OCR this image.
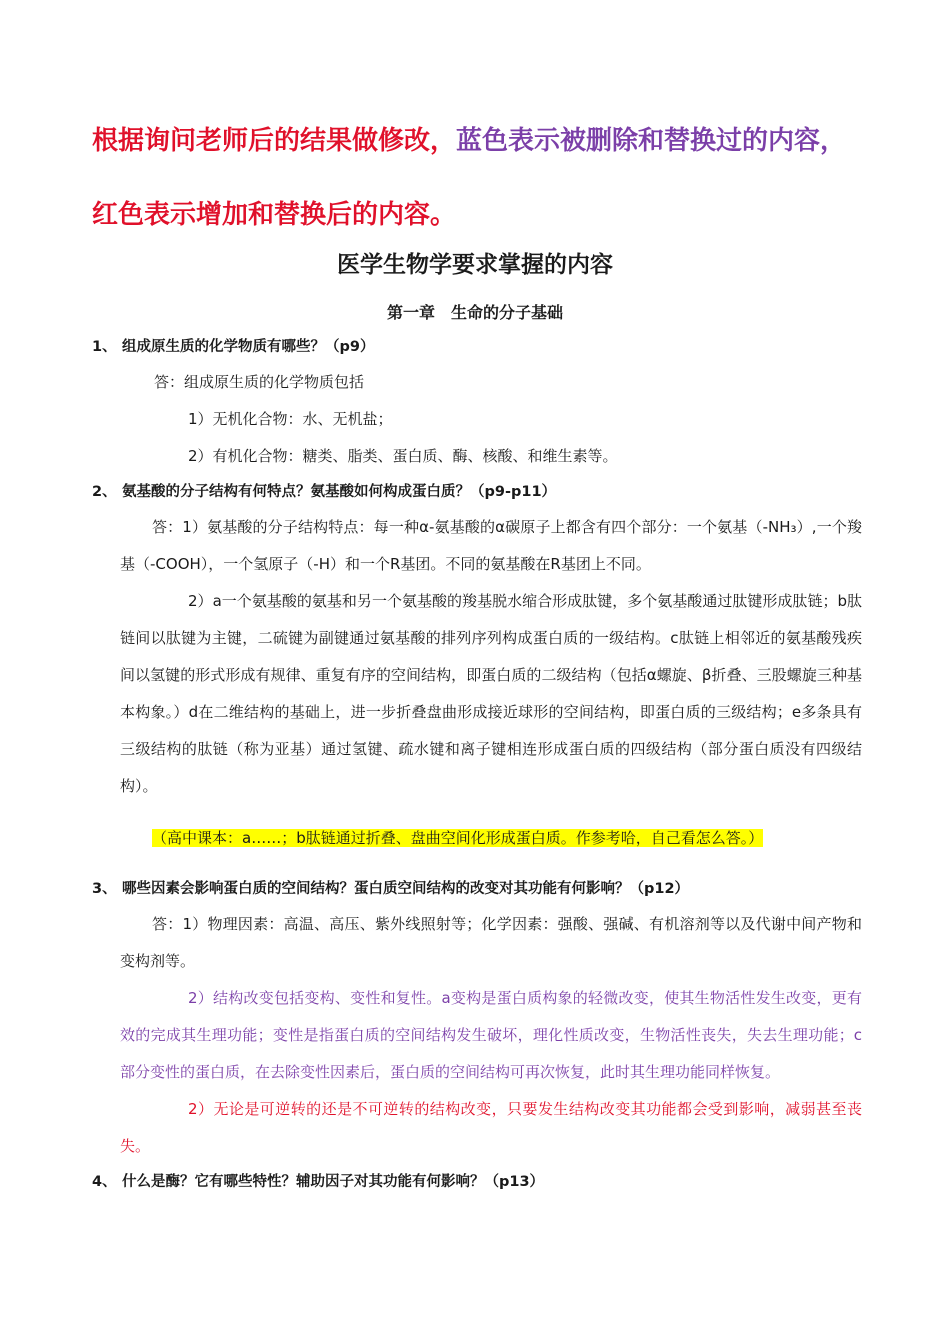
根据询问老师后的结果做修改，蓝色表示被删除和替换过的内容，红色表示增加和替换后的内容。
医学生物学要求掌握的内容
第一章　生命的分子基础
1、 组成原生质的化学物质有哪些？（p9）

答：组成原生质的化学物质包括

1）无机化合物：水、无机盐；

2）有机化合物：糖类、脂类、蛋白质、酶、核酸、和维生素等。

2、 氨基酸的分子结构有何特点？氨基酸如何构成蛋白质？（p9-p11）

答：1）氨基酸的分子结构特点：每一种α-氨基酸的α碳原子上都含有四个部分：一个氨基（-NH₃）,一个羧基（-COOH），一个氢原子（-H）和一个R基团。不同的氨基酸在R基团上不同。

2）a一个氨基酸的氨基和另一个氨基酸的羧基脱水缩合形成肽键，多个氨基酸通过肽键形成肽链；b肽链间以肽键为主键，二硫键为副键通过氨基酸的排列序列构成蛋白质的一级结构。c肽链上相邻近的氨基酸残疾间以氢键的形式形成有规律、重复有序的空间结构，即蛋白质的二级结构（包括α螺旋、β折叠、三股螺旋三种基本构象。）d在二维结构的基础上，进一步折叠盘曲形成接近球形的空间结构，即蛋白质的三级结构；e多条具有三级结构的肽链（称为亚基）通过氢键、疏水键和离子键相连形成蛋白质的四级结构（部分蛋白质没有四级结构）。

（高中课本：a……；b肽链通过折叠、盘曲空间化形成蛋白质。作参考哈，自己看怎么答。）

3、 哪些因素会影响蛋白质的空间结构？蛋白质空间结构的改变对其功能有何影响？（p12）

答：1）物理因素：高温、高压、紫外线照射等；化学因素：强酸、强碱、有机溶剂等以及代谢中间产物和变构剂等。

2）结构改变包括变构、变性和复性。a变构是蛋白质构象的轻微改变，使其生物活性发生改变，更有效的完成其生理功能；变性是指蛋白质的空间结构发生破坏，理化性质改变，生物活性丧失，失去生理功能；c部分变性的蛋白质，在去除变性因素后，蛋白质的空间结构可再次恢复，此时其生理功能同样恢复。

2）无论是可逆转的还是不可逆转的结构改变，只要发生结构改变其功能都会受到影响，减弱甚至丧失。

4、 什么是酶？它有哪些特性？辅助因子对其功能有何影响？（p13）
